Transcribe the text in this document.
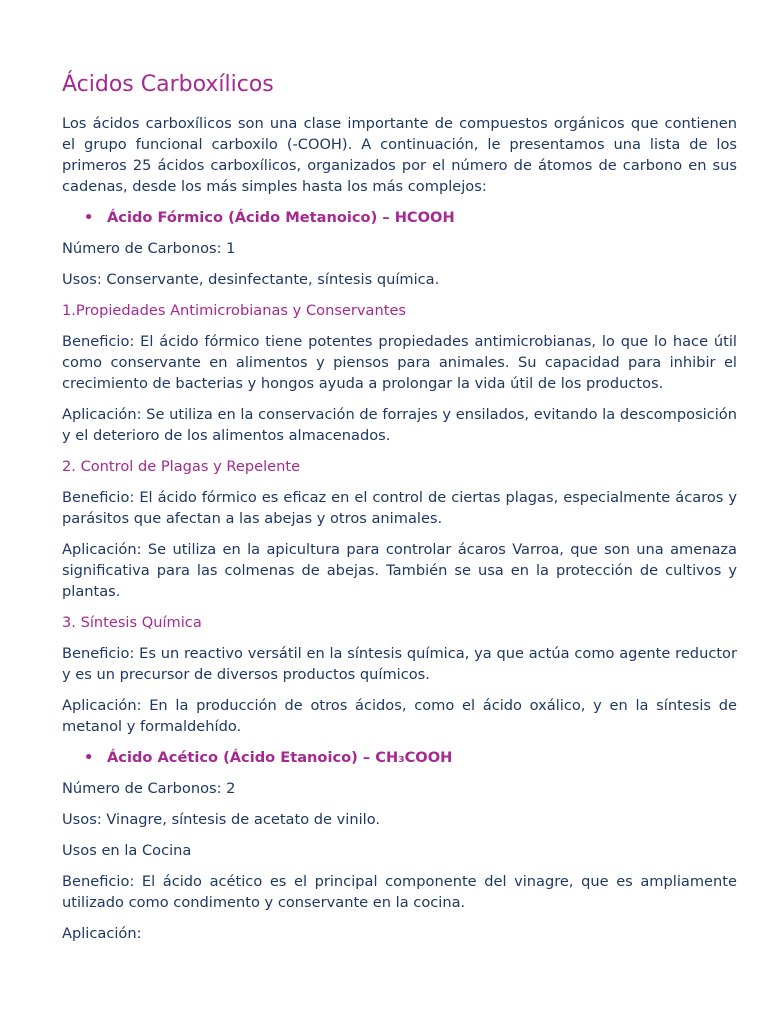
Ácidos Carboxílicos

Los ácidos carboxílicos son una clase importante de compuestos orgánicos que contienen el grupo funcional carboxilo (-COOH). A continuación, le presentamos una lista de los primeros 25 ácidos carboxílicos, organizados por el número de átomos de carbono en sus cadenas, desde los más simples hasta los más complejos:

• Ácido Fórmico (Ácido Metanoico) – HCOOH

Número de Carbonos: 1

Usos: Conservante, desinfectante, síntesis química.

1.Propiedades Antimicrobianas y Conservantes

Beneficio: El ácido fórmico tiene potentes propiedades antimicrobianas, lo que lo hace útil como conservante en alimentos y piensos para animales. Su capacidad para inhibir el crecimiento de bacterias y hongos ayuda a prolongar la vida útil de los productos.

Aplicación: Se utiliza en la conservación de forrajes y ensilados, evitando la descomposición y el deterioro de los alimentos almacenados.

2. Control de Plagas y Repelente

Beneficio: El ácido fórmico es eficaz en el control de ciertas plagas, especialmente ácaros y parásitos que afectan a las abejas y otros animales.

Aplicación: Se utiliza en la apicultura para controlar ácaros Varroa, que son una amenaza significativa para las colmenas de abejas. También se usa en la protección de cultivos y plantas.

3. Síntesis Química

Beneficio: Es un reactivo versátil en la síntesis química, ya que actúa como agente reductor y es un precursor de diversos productos químicos.

Aplicación: En la producción de otros ácidos, como el ácido oxálico, y en la síntesis de metanol y formaldehído.

• Ácido Acético (Ácido Etanoico) – CH₃COOH

Número de Carbonos: 2

Usos: Vinagre, síntesis de acetato de vinilo.

Usos en la Cocina

Beneficio: El ácido acético es el principal componente del vinagre, que es ampliamente utilizado como condimento y conservante en la cocina.

Aplicación:
